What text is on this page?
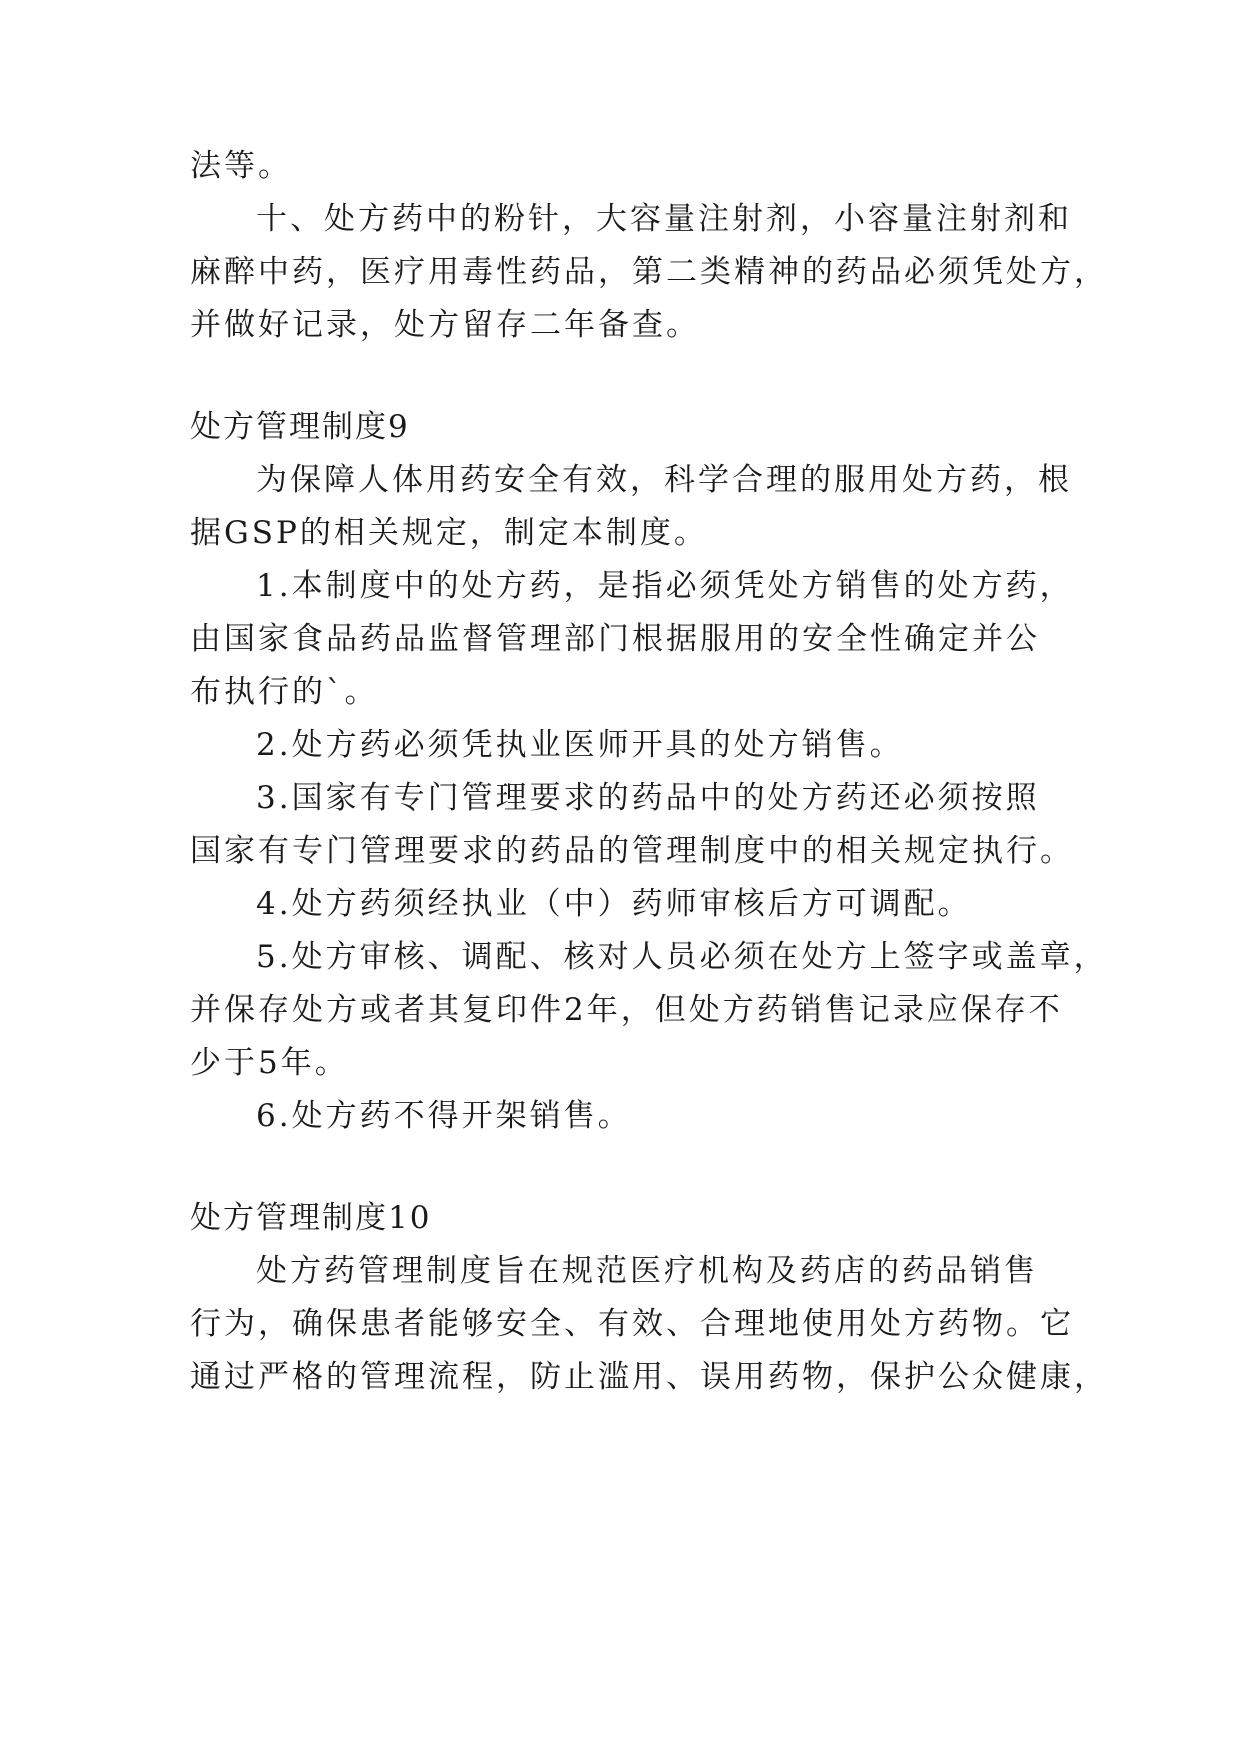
法等。
十、处方药中的粉针，大容量注射剂，小容量注射剂和
麻醉中药，医疗用毒性药品，第二类精神的药品必须凭处方，
并做好记录，处方留存二年备查。
处方管理制度9
为保障人体用药安全有效，科学合理的服用处方药，根
据GSP的相关规定，制定本制度。
1.本制度中的处方药，是指必须凭处方销售的处方药，
由国家食品药品监督管理部门根据服用的安全性确定并公
布执行的`。
2.处方药必须凭执业医师开具的处方销售。
3.国家有专门管理要求的药品中的处方药还必须按照
国家有专门管理要求的药品的管理制度中的相关规定执行。
4.处方药须经执业（中）药师审核后方可调配。
5.处方审核、调配、核对人员必须在处方上签字或盖章，
并保存处方或者其复印件2年，但处方药销售记录应保存不
少于5年。
6.处方药不得开架销售。
处方管理制度10
处方药管理制度旨在规范医疗机构及药店的药品销售
行为，确保患者能够安全、有效、合理地使用处方药物。它
通过严格的管理流程，防止滥用、误用药物，保护公众健康，
